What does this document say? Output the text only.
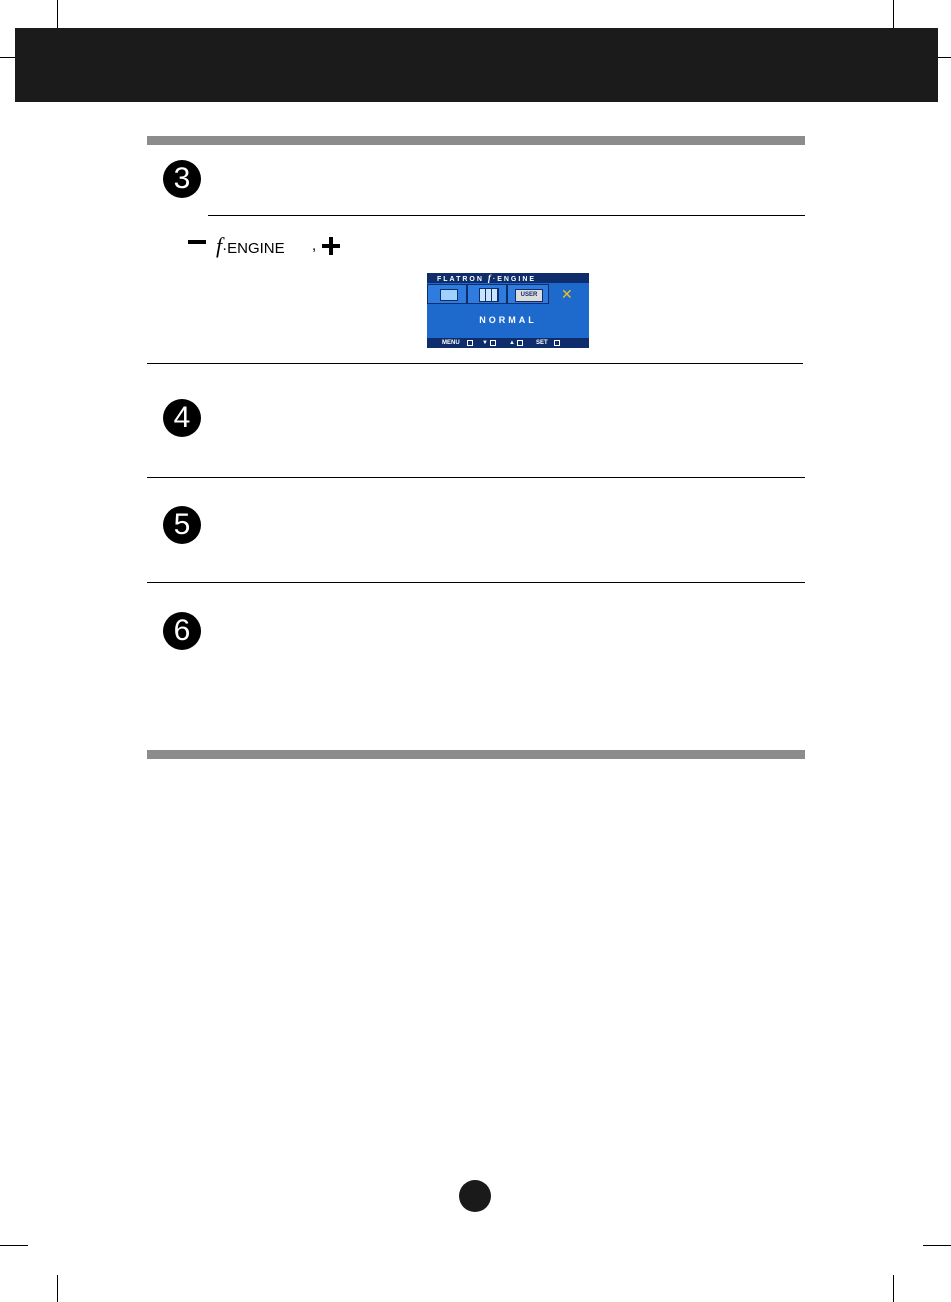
3
f·ENGINE ,
FLATRON f·ENGINE
USER	✕
NORMAL
MENU	▼	▲	SET
4
5
6
